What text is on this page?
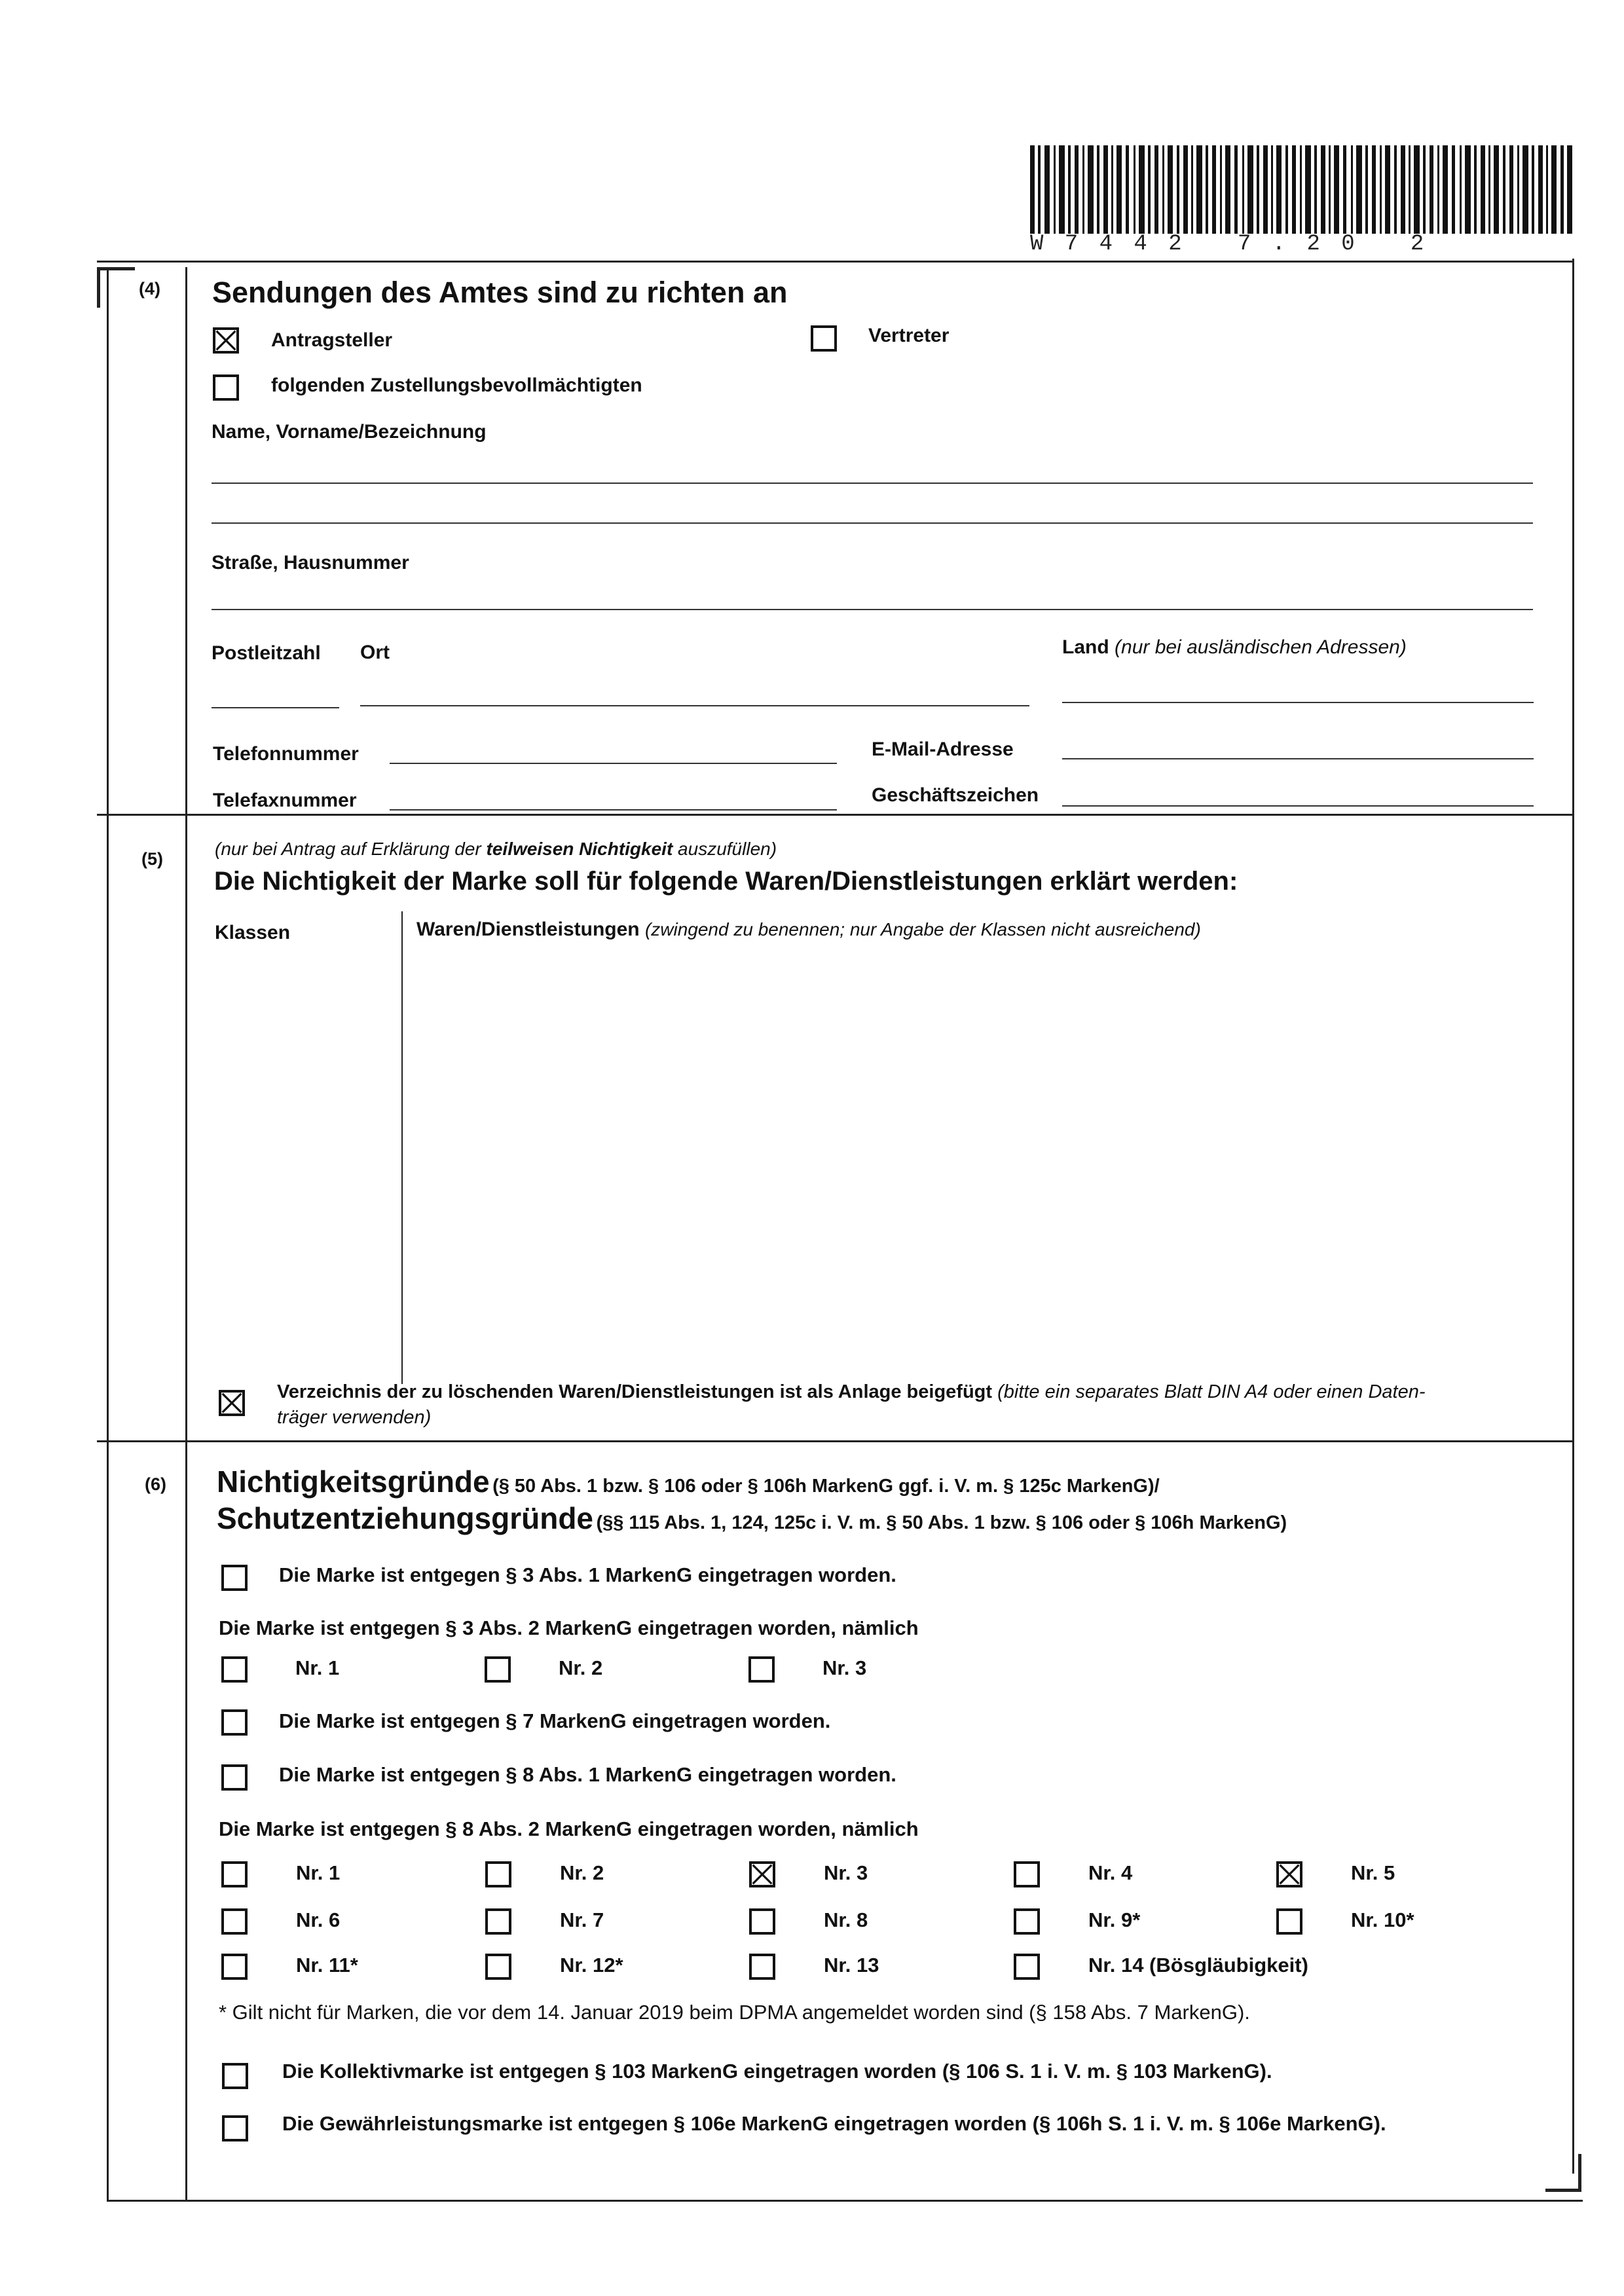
W 7 4 4 2   7 . 2 0   2
(4) Sendungen des Amtes sind zu richten an
Antragsteller	Vertreter
folgenden Zustellungsbevollmächtigten
Name, Vorname/Bezeichnung
Straße, Hausnummer
Postleitzahl Ort	Land (nur bei ausländischen Adressen)
Telefonnummer	E-Mail-Adresse
Telefaxnummer	Geschäftszeichen
(5)	(nur bei Antrag auf Erklärung der teilweisen Nichtigkeit auszufüllen)
Die Nichtigkeit der Marke soll für folgende Waren/Dienstleistungen erklärt werden:
Klassen	Waren/Dienstleistungen (zwingend zu benennen; nur Angabe der Klassen nicht ausreichend)
Verzeichnis der zu löschenden Waren/Dienstleistungen ist als Anlage beigefügt (bitte ein separates Blatt DIN A4 oder einen Daten-
träger verwenden)
(6) Nichtigkeitsgründe (§ 50 Abs. 1 bzw. § 106 oder § 106h MarkenG ggf. i. V. m. § 125c MarkenG)/
Schutzentziehungsgründe (§§ 115 Abs. 1, 124, 125c i. V. m. § 50 Abs. 1 bzw. § 106 oder § 106h MarkenG)
Die Marke ist entgegen § 3 Abs. 1 MarkenG eingetragen worden.
Die Marke ist entgegen § 3 Abs. 2 MarkenG eingetragen worden, nämlich
Nr. 1	Nr. 2	Nr. 3
Die Marke ist entgegen § 7 MarkenG eingetragen worden.
Die Marke ist entgegen § 8 Abs. 1 MarkenG eingetragen worden.
Die Marke ist entgegen § 8 Abs. 2 MarkenG eingetragen worden, nämlich
Nr. 1	Nr. 2	Nr. 3	Nr. 4	Nr. 5
Nr. 6	Nr. 7	Nr. 8	Nr. 9*	Nr. 10*
Nr. 11*	Nr. 12*	Nr. 13	Nr. 14 (Bösgläubigkeit)
* Gilt nicht für Marken, die vor dem 14. Januar 2019 beim DPMA angemeldet worden sind (§ 158 Abs. 7 MarkenG).
Die Kollektivmarke ist entgegen § 103 MarkenG eingetragen worden (§ 106 S. 1 i. V. m. § 103 MarkenG).
Die Gewährleistungsmarke ist entgegen § 106e MarkenG eingetragen worden (§ 106h S. 1 i. V. m. § 106e MarkenG).
